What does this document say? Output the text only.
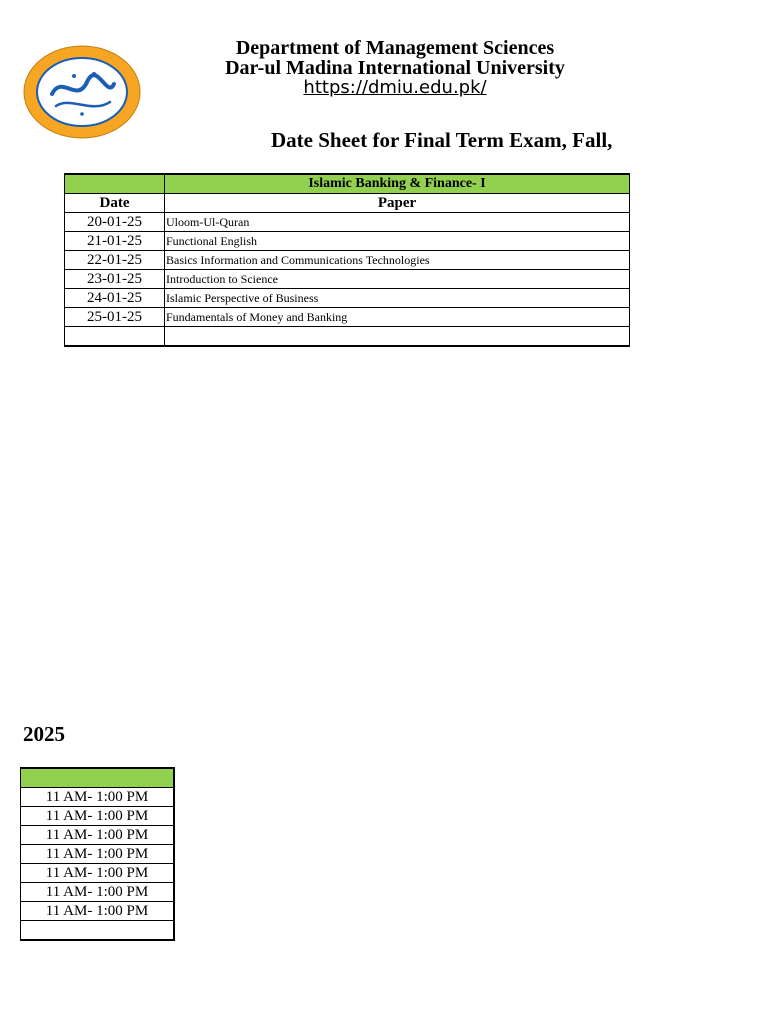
Department of Management Sciences
Dar-ul Madina International University
https://dmiu.edu.pk/
Date Sheet for Final Term Exam, Fall,
	Islamic Banking & Finance- I
Date	Paper
20-01-25	Uloom-Ul-Quran
21-01-25	Functional English
22-01-25	Basics Information and Communications Technologies
23-01-25	Introduction to Science
24-01-25	Islamic Perspective of Business
25-01-25	Fundamentals of Money and Banking

2025

11 AM- 1:00 PM
11 AM- 1:00 PM
11 AM- 1:00 PM
11 AM- 1:00 PM
11 AM- 1:00 PM
11 AM- 1:00 PM
11 AM- 1:00 PM
